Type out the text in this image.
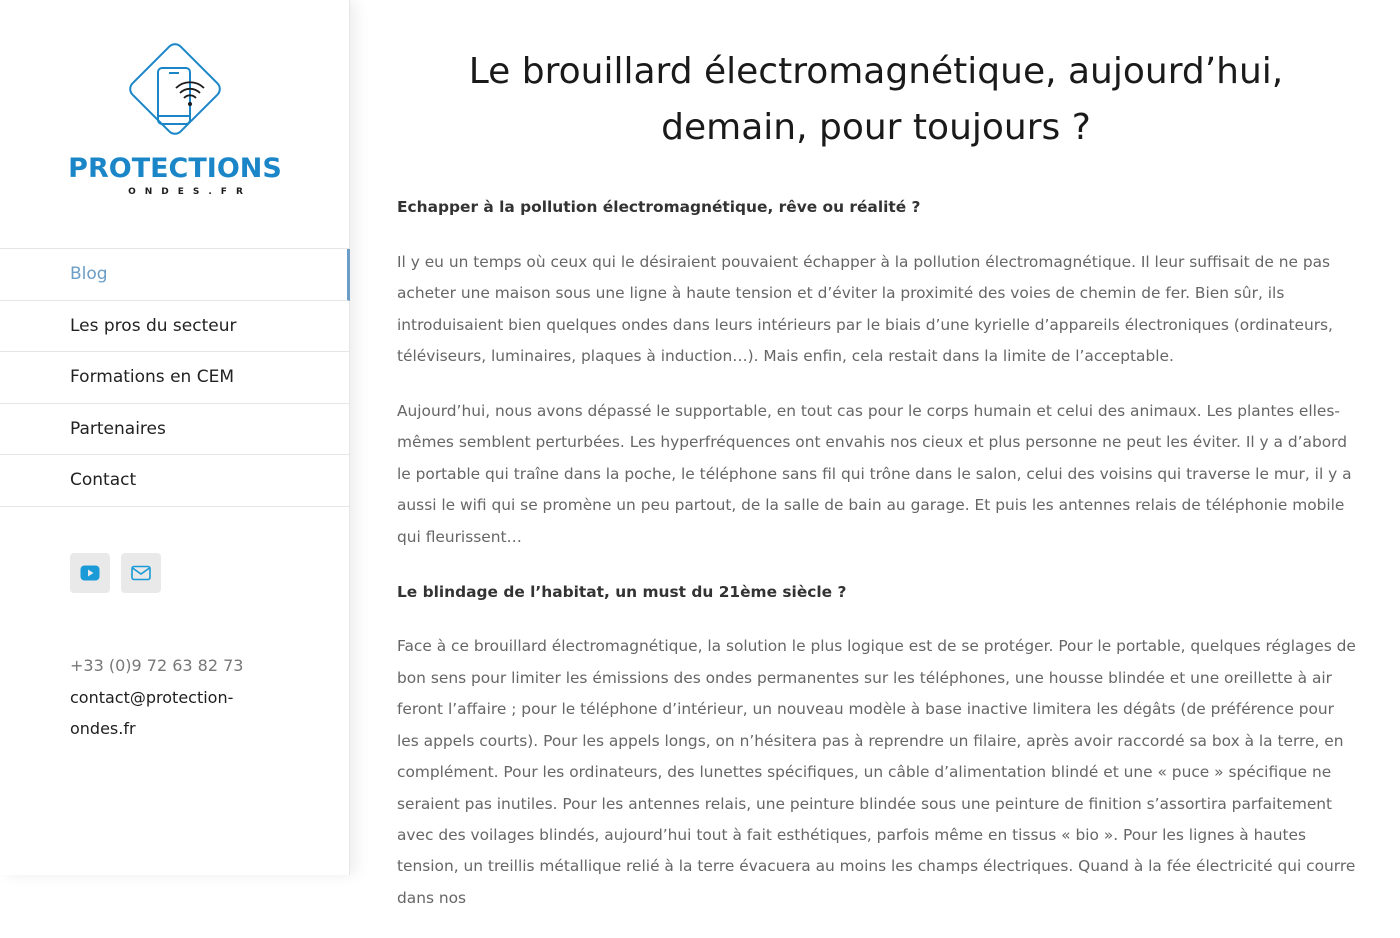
PROTECTIONS
ONDES.FR
Blog
Les pros du secteur
Formations en CEM
Partenaires
Contact
+33 (0)9 72 63 82 73
contact@protection-ondes.fr
Le brouillard électromagnétique, aujourd’hui, demain, pour toujours ?
Echapper à la pollution électromagnétique, rêve ou réalité ?

Il y eu un temps où ceux qui le désiraient pouvaient échapper à la pollution électromagnétique. Il leur suffisait de ne pas acheter une maison sous une ligne à haute tension et d’éviter la proximité des voies de chemin de fer. Bien sûr, ils introduisaient bien quelques ondes dans leurs intérieurs par le biais d’une kyrielle d’appareils électroniques (ordinateurs, téléviseurs, luminaires, plaques à induction…). Mais enfin, cela restait dans la limite de l’acceptable.

Aujourd’hui, nous avons dépassé le supportable, en tout cas pour le corps humain et celui des animaux. Les plantes elles-mêmes semblent perturbées. Les hyperfréquences ont envahis nos cieux et plus personne ne peut les éviter. Il y a d’abord le portable qui traîne dans la poche, le téléphone sans fil qui trône dans le salon, celui des voisins qui traverse le mur, il y a aussi le wifi qui se promène un peu partout, de la salle de bain au garage. Et puis les antennes relais de téléphonie mobile qui fleurissent…

Le blindage de l’habitat, un must du 21ème siècle ?

Face à ce brouillard électromagnétique, la solution le plus logique est de se protéger. Pour le portable, quelques réglages de bon sens pour limiter les émissions des ondes permanentes sur les téléphones, une housse blindée et une oreillette à air feront l’affaire ; pour le téléphone d’intérieur, un nouveau modèle à base inactive limitera les dégâts (de préférence pour les appels courts). Pour les appels longs, on n’hésitera pas à reprendre un filaire, après avoir raccordé sa box à la terre, en complément. Pour les ordinateurs, des lunettes spécifiques, un câble d’alimentation blindé et une « puce » spécifique ne seraient pas inutiles. Pour les antennes relais, une peinture blindée sous une peinture de finition s’assortira parfaitement avec des voilages blindés, aujourd’hui tout à fait esthétiques, parfois même en tissus « bio ». Pour les lignes à hautes tension, un treillis métallique relié à la terre évacuera au moins les champs électriques. Quand à la fée électricité qui courre dans nos
